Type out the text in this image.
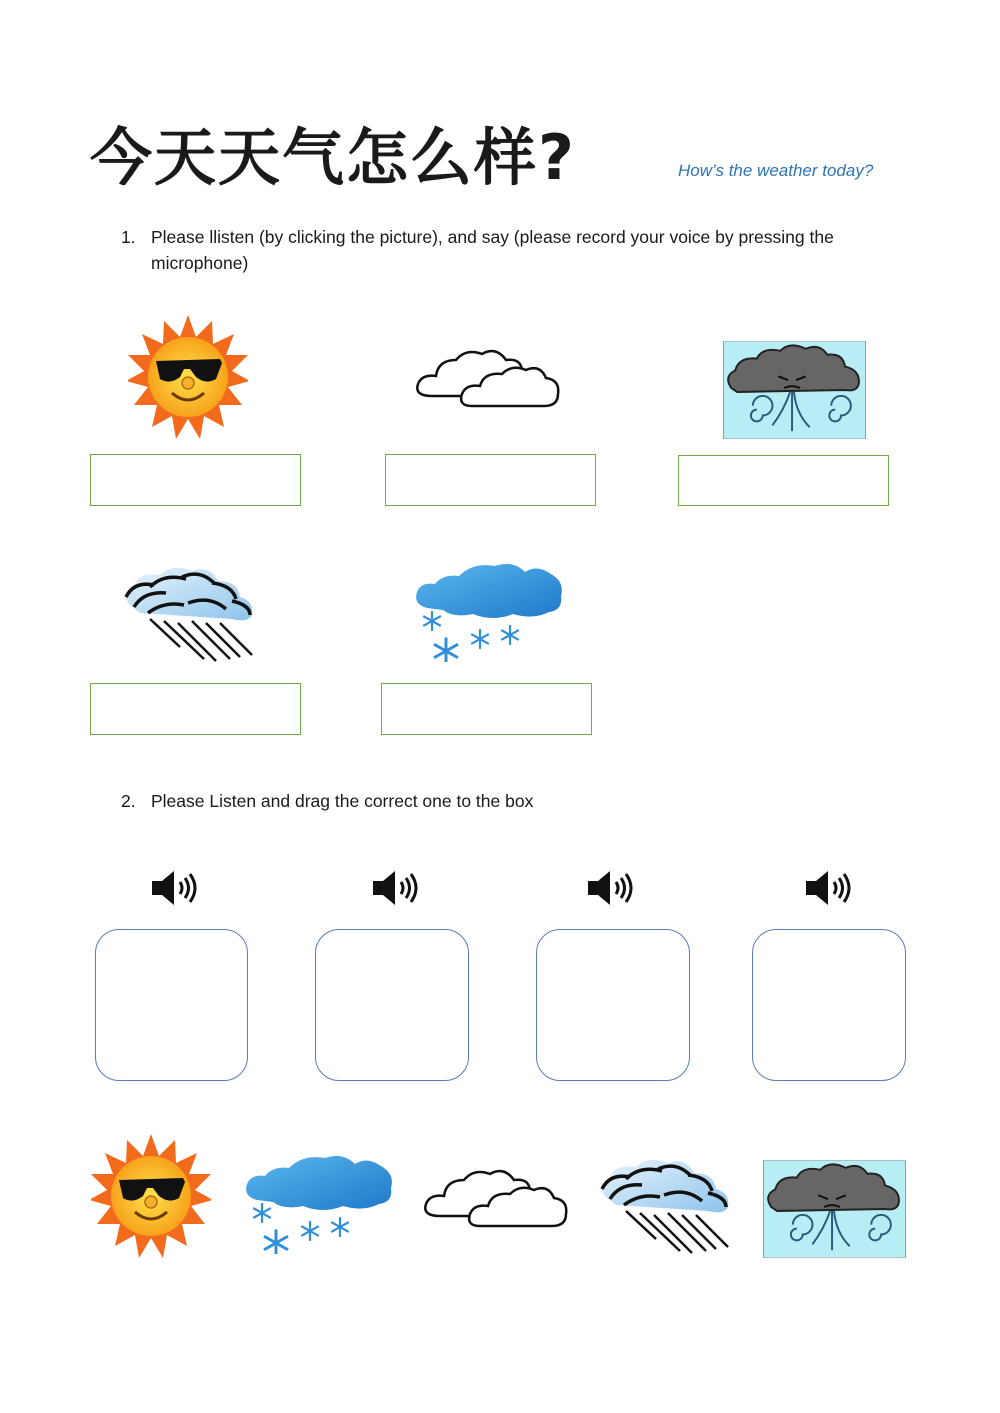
今天天气怎么样?	How’s the weather today?
1. Please llisten (by clicking the picture), and say (please record your voice by pressing the
microphone)
2. Please Listen and drag the correct one to the box
